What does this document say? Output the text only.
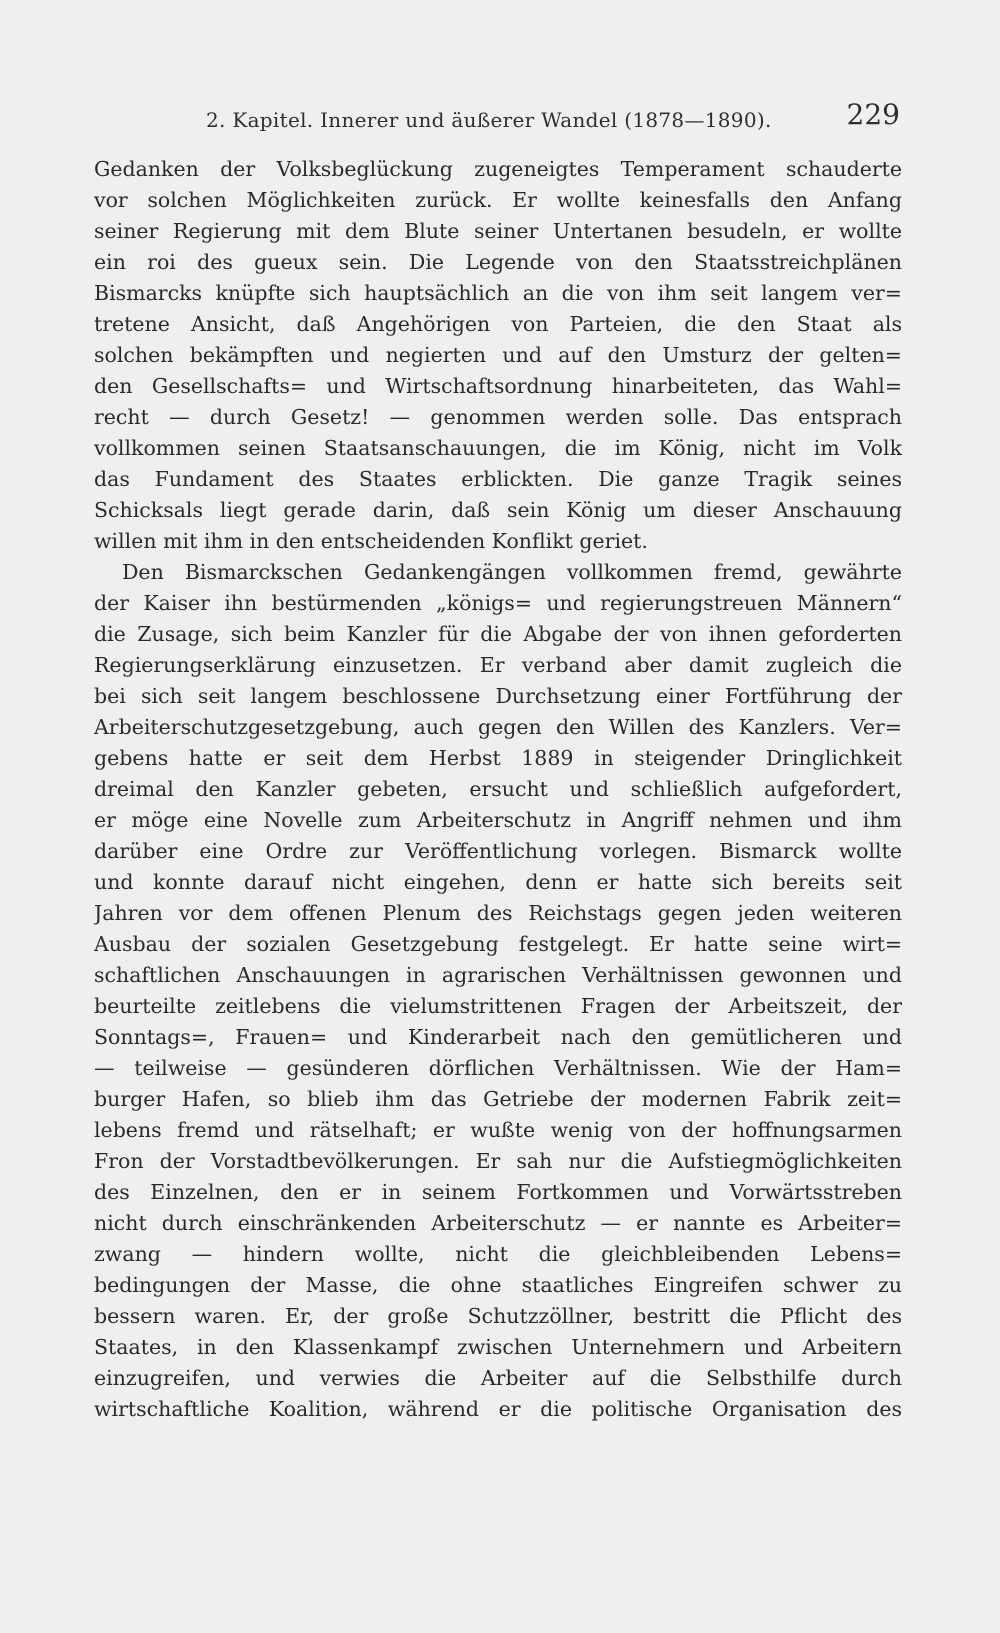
2. Kapitel. Innerer und äußerer Wandel (1878—1890).	229
Gedanken der Volksbeglückung zugeneigtes Temperament schauderte
vor solchen Möglichkeiten zurück. Er wollte keinesfalls den Anfang
seiner Regierung mit dem Blute seiner Untertanen besudeln, er wollte
ein roi des gueux sein. Die Legende von den Staatsstreichplänen
Bismarcks knüpfte sich hauptsächlich an die von ihm seit langem ver=
tretene Ansicht, daß Angehörigen von Parteien, die den Staat als
solchen bekämpften und negierten und auf den Umsturz der gelten=
den Gesellschafts= und Wirtschaftsordnung hinarbeiteten, das Wahl=
recht — durch Gesetz! — genommen werden solle. Das entsprach
vollkommen seinen Staatsanschauungen, die im König, nicht im Volk
das Fundament des Staates erblickten. Die ganze Tragik seines
Schicksals liegt gerade darin, daß sein König um dieser Anschauung
willen mit ihm in den entscheidenden Konflikt geriet.
Den Bismarckschen Gedankengängen vollkommen fremd, gewährte
der Kaiser ihn bestürmenden „königs= und regierungstreuen Männern“
die Zusage, sich beim Kanzler für die Abgabe der von ihnen geforderten
Regierungserklärung einzusetzen. Er verband aber damit zugleich die
bei sich seit langem beschlossene Durchsetzung einer Fortführung der
Arbeiterschutzgesetzgebung, auch gegen den Willen des Kanzlers. Ver=
gebens hatte er seit dem Herbst 1889 in steigender Dringlichkeit
dreimal den Kanzler gebeten, ersucht und schließlich aufgefordert,
er möge eine Novelle zum Arbeiterschutz in Angriff nehmen und ihm
darüber eine Ordre zur Veröffentlichung vorlegen. Bismarck wollte
und konnte darauf nicht eingehen, denn er hatte sich bereits seit
Jahren vor dem offenen Plenum des Reichstags gegen jeden weiteren
Ausbau der sozialen Gesetzgebung festgelegt. Er hatte seine wirt=
schaftlichen Anschauungen in agrarischen Verhältnissen gewonnen und
beurteilte zeitlebens die vielumstrittenen Fragen der Arbeitszeit, der
Sonntags=, Frauen= und Kinderarbeit nach den gemütlicheren und
— teilweise — gesünderen dörflichen Verhältnissen. Wie der Ham=
burger Hafen, so blieb ihm das Getriebe der modernen Fabrik zeit=
lebens fremd und rätselhaft; er wußte wenig von der hoffnungsarmen
Fron der Vorstadtbevölkerungen. Er sah nur die Aufstiegmöglichkeiten
des Einzelnen, den er in seinem Fortkommen und Vorwärtsstreben
nicht durch einschränkenden Arbeiterschutz — er nannte es Arbeiter=
zwang — hindern wollte, nicht die gleichbleibenden Lebens=
bedingungen der Masse, die ohne staatliches Eingreifen schwer zu
bessern waren. Er, der große Schutzzöllner, bestritt die Pflicht des
Staates, in den Klassenkampf zwischen Unternehmern und Arbeitern
einzugreifen, und verwies die Arbeiter auf die Selbsthilfe durch
wirtschaftliche Koalition, während er die politische Organisation des
